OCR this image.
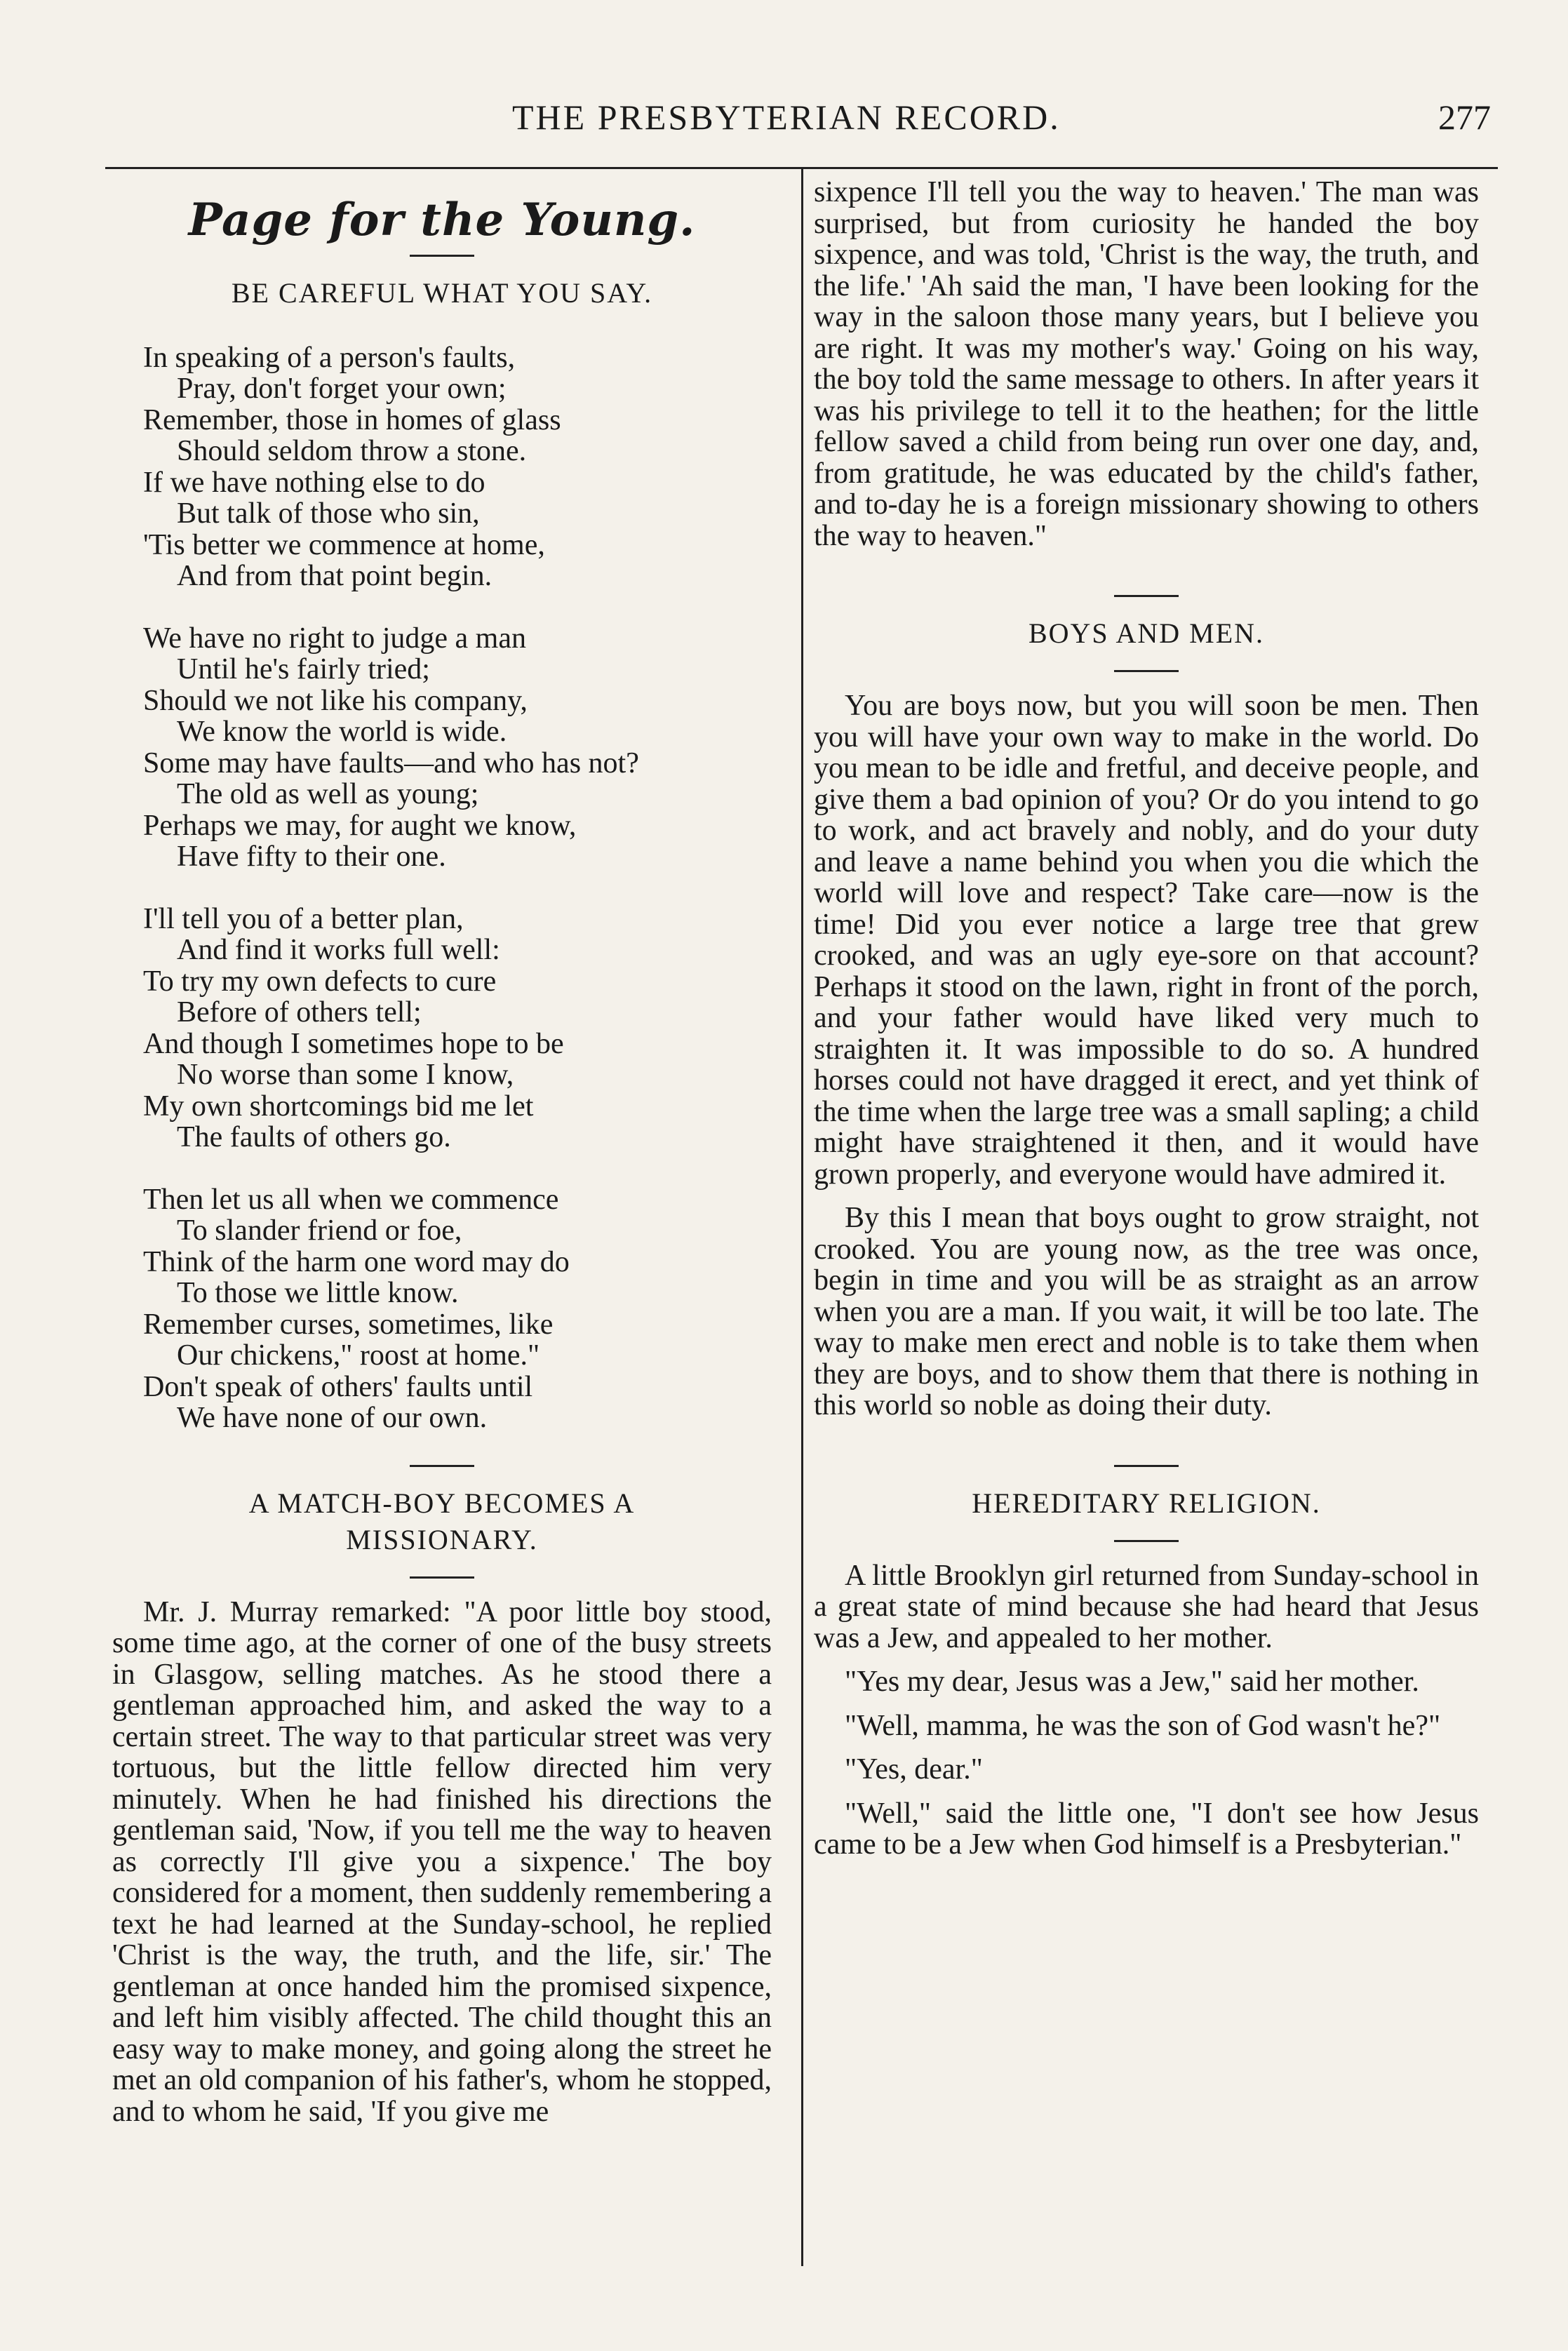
THE PRESBYTERIAN RECORD.	277
Page for the Young.
BE CAREFUL WHAT YOU SAY.
In speaking of a person's faults,
Pray, don't forget your own;
Remember, those in homes of glass
Should seldom throw a stone.
If we have nothing else to do
But talk of those who sin,
'Tis better we commence at home,
And from that point begin.
We have no right to judge a man
Until he's fairly tried;
Should we not like his company,
We know the world is wide.
Some may have faults—and who has not?
The old as well as young;
Perhaps we may, for aught we know,
Have fifty to their one.
I'll tell you of a better plan,
And find it works full well:
To try my own defects to cure
Before of others tell;
And though I sometimes hope to be
No worse than some I know,
My own shortcomings bid me let
The faults of others go.
Then let us all when we commence
To slander friend or foe,
Think of the harm one word may do
To those we little know.
Remember curses, sometimes, like
Our chickens," roost at home."
Don't speak of others' faults until
We have none of our own.
A MATCH-BOY BECOMES A
MISSIONARY.

Mr. J. Murray remarked: "A poor little boy stood, some time ago, at the corner of one of the busy streets in Glasgow, selling matches. As he stood there a gentleman approached him, and asked the way to a certain street. The way to that particular street was very tortuous, but the little fellow directed him very minutely. When he had finished his directions the gentleman said, 'Now, if you tell me the way to heaven as correctly I'll give you a sixpence.' The boy considered for a moment, then suddenly remembering a text he had learned at the Sunday-school, he replied 'Christ is the way, the truth, and the life, sir.' The gentleman at once handed him the promised sixpence, and left him visibly affected. The child thought this an easy way to make money, and going along the street he met an old companion of his father's, whom he stopped, and to whom he said, 'If you give me

sixpence I'll tell you the way to heaven.' The man was surprised, but from curiosity he handed the boy sixpence, and was told, 'Christ is the way, the truth, and the life.' 'Ah said the man, 'I have been looking for the way in the saloon those many years, but I believe you are right. It was my mother's way.' Going on his way, the boy told the same message to others. In after years it was his privilege to tell it to the heathen; for the little fellow saved a child from being run over one day, and, from gratitude, he was educated by the child's father, and to-day he is a foreign missionary showing to others the way to heaven."

BOYS AND MEN.

You are boys now, but you will soon be men. Then you will have your own way to make in the world. Do you mean to be idle and fretful, and deceive people, and give them a bad opinion of you? Or do you intend to go to work, and act bravely and nobly, and do your duty and leave a name behind you when you die which the world will love and respect? Take care—now is the time! Did you ever notice a large tree that grew crooked, and was an ugly eye-sore on that account? Perhaps it stood on the lawn, right in front of the porch, and your father would have liked very much to straighten it. It was impossible to do so. A hundred horses could not have dragged it erect, and yet think of the time when the large tree was a small sapling; a child might have straightened it then, and it would have grown properly, and everyone would have admired it.

By this I mean that boys ought to grow straight, not crooked. You are young now, as the tree was once, begin in time and you will be as straight as an arrow when you are a man. If you wait, it will be too late. The way to make men erect and noble is to take them when they are boys, and to show them that there is nothing in this world so noble as doing their duty.

HEREDITARY RELIGION.

A little Brooklyn girl returned from Sunday-school in a great state of mind because she had heard that Jesus was a Jew, and appealed to her mother.

"Yes my dear, Jesus was a Jew," said her mother.

"Well, mamma, he was the son of God wasn't he?"

"Yes, dear."

"Well," said the little one, "I don't see how Jesus came to be a Jew when God himself is a Presbyterian."
